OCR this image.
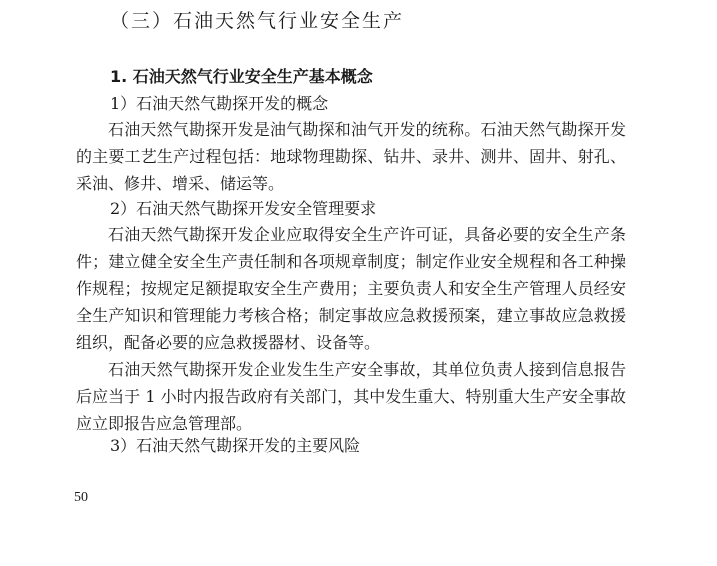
（三）石油天然气行业安全生产
1. 石油天然气行业安全生产基本概念
1）石油天然气勘探开发的概念

石油天然气勘探开发是油气勘探和油气开发的统称。石油天然气勘探开发的主要工艺生产过程包括：地球物理勘探、钻井、录井、测井、固井、射孔、采油、修井、增采、储运等。

2）石油天然气勘探开发安全管理要求

石油天然气勘探开发企业应取得安全生产许可证，具备必要的安全生产条件；建立健全安全生产责任制和各项规章制度；制定作业安全规程和各工种操作规程；按规定足额提取安全生产费用；主要负责人和安全生产管理人员经安全生产知识和管理能力考核合格；制定事故应急救援预案，建立事故应急救援组织，配备必要的应急救援器材、设备等。

石油天然气勘探开发企业发生生产安全事故，其单位负责人接到信息报告后应当于 1 小时内报告政府有关部门，其中发生重大、特别重大生产安全事故应立即报告应急管理部。

3）石油天然气勘探开发的主要风险
50
